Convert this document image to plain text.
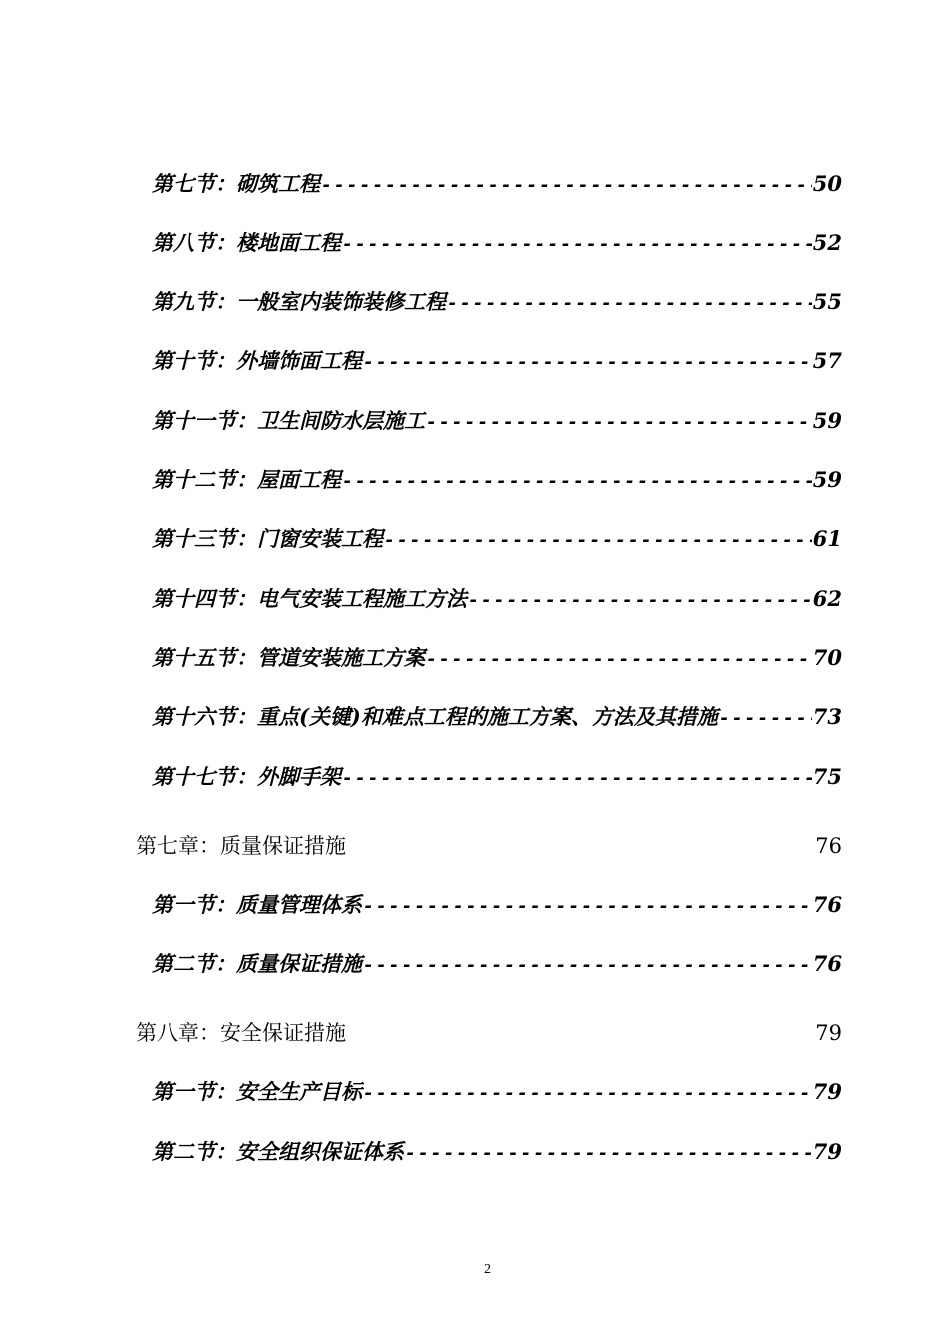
第七节：砌筑工程 -----	50
第八节：楼地面工程 -----	52
第九节：一般室内装饰装修工程 -----	55
第十节：外墙饰面工程 -----	57
第十一节：卫生间防水层施工 -----	59
第十二节：屋面工程 -----	59
第十三节：门窗安装工程 -----	61
第十四节：电气安装工程施工方法 -----	62
第十五节：管道安装施工方案 -----	70
第十六节：重点(关键)和难点工程的施工方案、方法及其措施 -----	73
第十七节：外脚手架 -----	75
第七章：质量保证措施	76
第一节：质量管理体系 -----	76
第二节：质量保证措施 -----	76
第八章：安全保证措施	79
第一节：安全生产目标 -----	79
第二节：安全组织保证体系 -----	79
2
